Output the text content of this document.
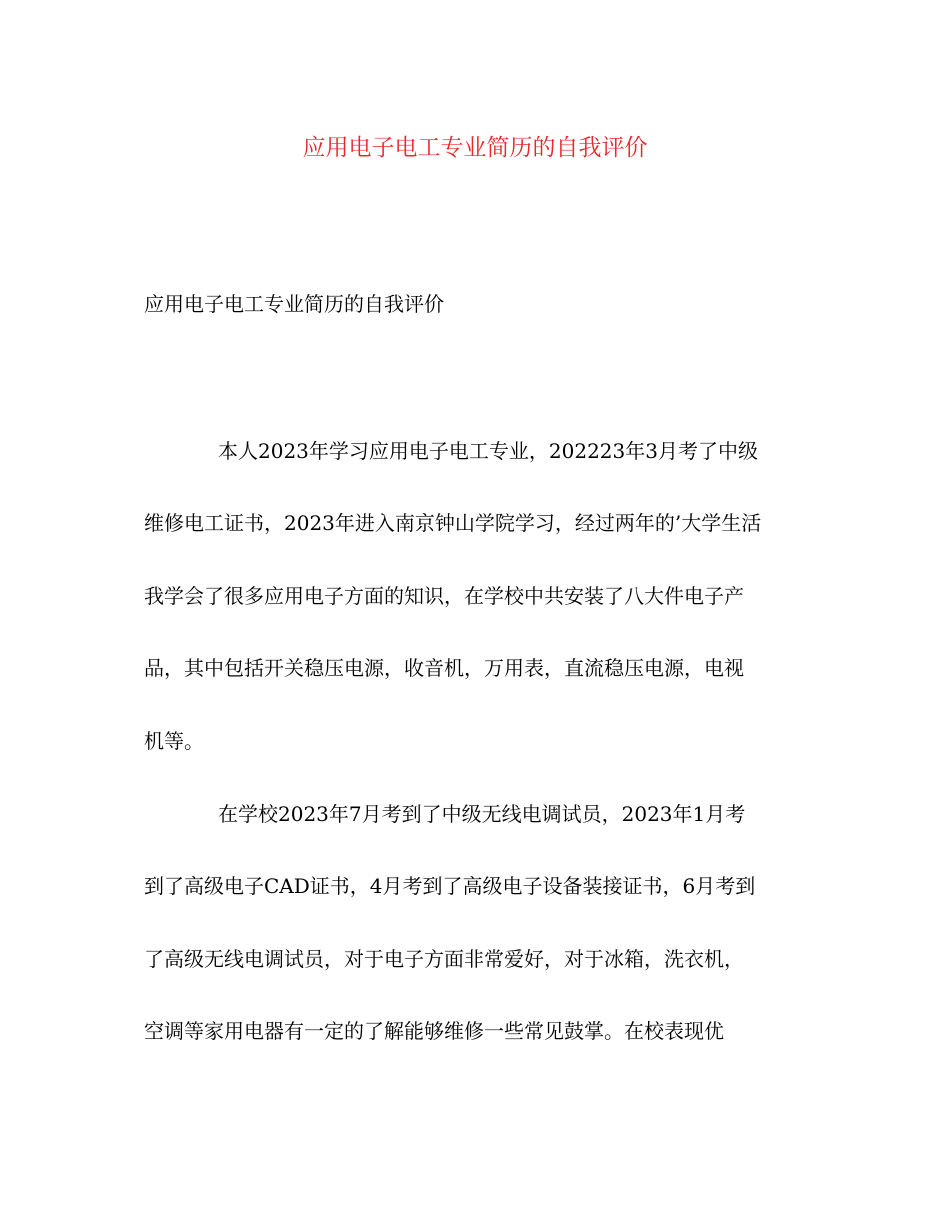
应用电子电工专业简历的自我评价
应用电子电工专业简历的自我评价
本人2023年学习应用电子电工专业，202223年3月考了中级
维修电工证书，2023年进入南京钟山学院学习，经过两年的’大学生活
我学会了很多应用电子方面的知识，在学校中共安装了八大件电子产
品，其中包括开关稳压电源，收音机，万用表，直流稳压电源，电视
机等。
在学校2023年7月考到了中级无线电调试员，2023年1月考
到了高级电子CAD证书，4月考到了高级电子设备装接证书，6月考到
了高级无线电调试员，对于电子方面非常爱好，对于冰箱，洗衣机，
空调等家用电器有一定的了解能够维修一些常见鼓掌。在校表现优
